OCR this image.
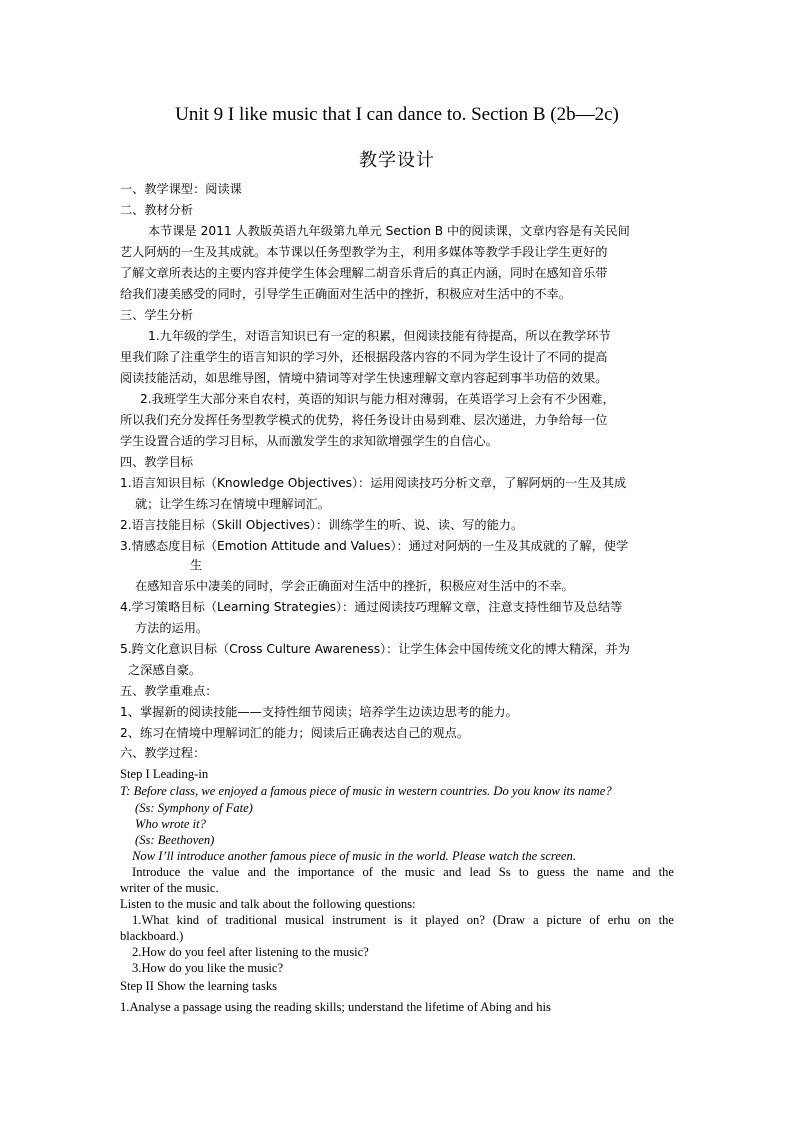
Unit 9 I like music that I can dance to. Section B (2b—2c)
教学设计
一、教学课型：阅读课
二、教材分析
本节课是 2011 人教版英语九年级第九单元 Section B 中的阅读课，文章内容是有关民间
艺人阿炳的一生及其成就。本节课以任务型教学为主，利用多媒体等教学手段让学生更好的
了解文章所表达的主要内容并使学生体会理解二胡音乐背后的真正内涵，同时在感知音乐带
给我们凄美感受的同时，引导学生正确面对生活中的挫折，积极应对生活中的不幸。
三、学生分析
1.九年级的学生，对语言知识已有一定的积累，但阅读技能有待提高，所以在教学环节
里我们除了注重学生的语言知识的学习外，还根据段落内容的不同为学生设计了不同的提高
阅读技能活动，如思维导图，情境中猜词等对学生快速理解文章内容起到事半功倍的效果。
2.我班学生大部分来自农村，英语的知识与能力相对薄弱，在英语学习上会有不少困难，
所以我们充分发挥任务型教学模式的优势，将任务设计由易到难、层次递进，力争给每一位
学生设置合适的学习目标，从而激发学生的求知欲增强学生的自信心。
四、教学目标
1.语言知识目标（Knowledge Objectives）：运用阅读技巧分析文章，了解阿炳的一生及其成
就；让学生练习在情境中理解词汇。
2.语言技能目标（Skill Objectives）：训练学生的听、说、读、写的能力。
3.情感态度目标（Emotion Attitude and Values）：通过对阿炳的一生及其成就的了解，使学
生
在感知音乐中凄美的同时，学会正确面对生活中的挫折，积极应对生活中的不幸。
4.学习策略目标（Learning Strategies）：通过阅读技巧理解文章，注意支持性细节及总结等
方法的运用。
5.跨文化意识目标（Cross Culture Awareness）：让学生体会中国传统文化的博大精深，并为
之深感自豪。
五、教学重难点：
1、掌握新的阅读技能——支持性细节阅读；培养学生边读边思考的能力。
2、练习在情境中理解词汇的能力；阅读后正确表达自己的观点。
六、教学过程：
Step I Leading-in
T: Before class, we enjoyed a famous piece of music in western countries. Do you know its name?
(Ss: Symphony of Fate)
Who wrote it?
(Ss: Beethoven)
Now I’ll introduce another famous piece of music in the world. Please watch the screen.
Introduce the value and the importance of the music and lead Ss to guess the name and the
writer of the music.
Listen to the music and talk about the following questions:
1.What kind of traditional musical instrument is it played on? (Draw a picture of erhu on the
blackboard.)
2.How do you feel after listening to the music?
3.How do you like the music?
Step II Show the learning tasks
1.Analyse a passage using the reading skills; understand the lifetime of Abing and his
